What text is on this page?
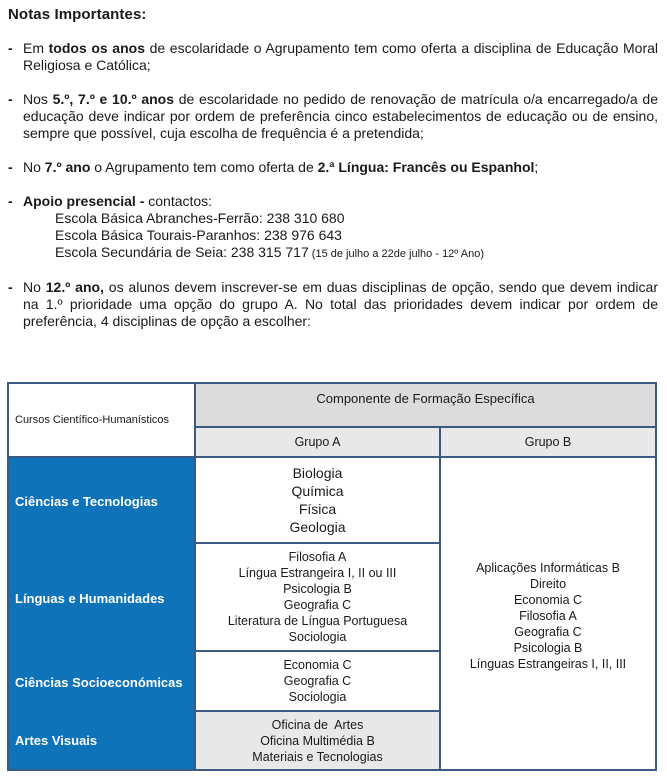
Notas Importantes:
- Em todos os anos de escolaridade o Agrupamento tem como oferta a disciplina de Educação Moral Religiosa e Católica;
- Nos 5.º, 7.º e 10.º anos de escolaridade no pedido de renovação de matrícula o/a encarregado/a de educação deve indicar por ordem de preferência cinco estabelecimentos de educação ou de ensino, sempre que possível, cuja escolha de frequência é a pretendida;
- No 7.º ano o Agrupamento tem como oferta de 2.ª Língua: Francês ou Espanhol;
- Apoio presencial - contactos:
Escola Básica Abranches-Ferrão: 238 310 680
Escola Básica Tourais-Paranhos: 238 976 643
Escola Secundária de Seia: 238 315 717 (15 de julho a 22de julho - 12º Ano)
- No 12.º ano, os alunos devem inscrever-se em duas disciplinas de opção, sendo que devem indicar na 1.º prioridade uma opção do grupo A. No total das prioridades devem indicar por ordem de preferência, 4 disciplinas de opção a escolher:
Cursos Científico-Humanísticos
Componente de Formação Específica
Grupo A	Grupo B
Ciências e Tecnologias
Biologia
Química
Física
Geologia
Línguas e Humanidades
Filosofia A
Língua Estrangeira I, II ou III
Psicologia B
Geografia C
Literatura de Língua Portuguesa
Sociologia
Ciências Socioeconómicas
Economia C
Geografia C
Sociologia
Artes Visuais
Oficina de  Artes
Oficina Multimédia B
Materiais e Tecnologias
Aplicações Informáticas B
Direito
Economia C
Filosofia A
Geografia C
Psicologia B
Línguas Estrangeiras I, II, III
